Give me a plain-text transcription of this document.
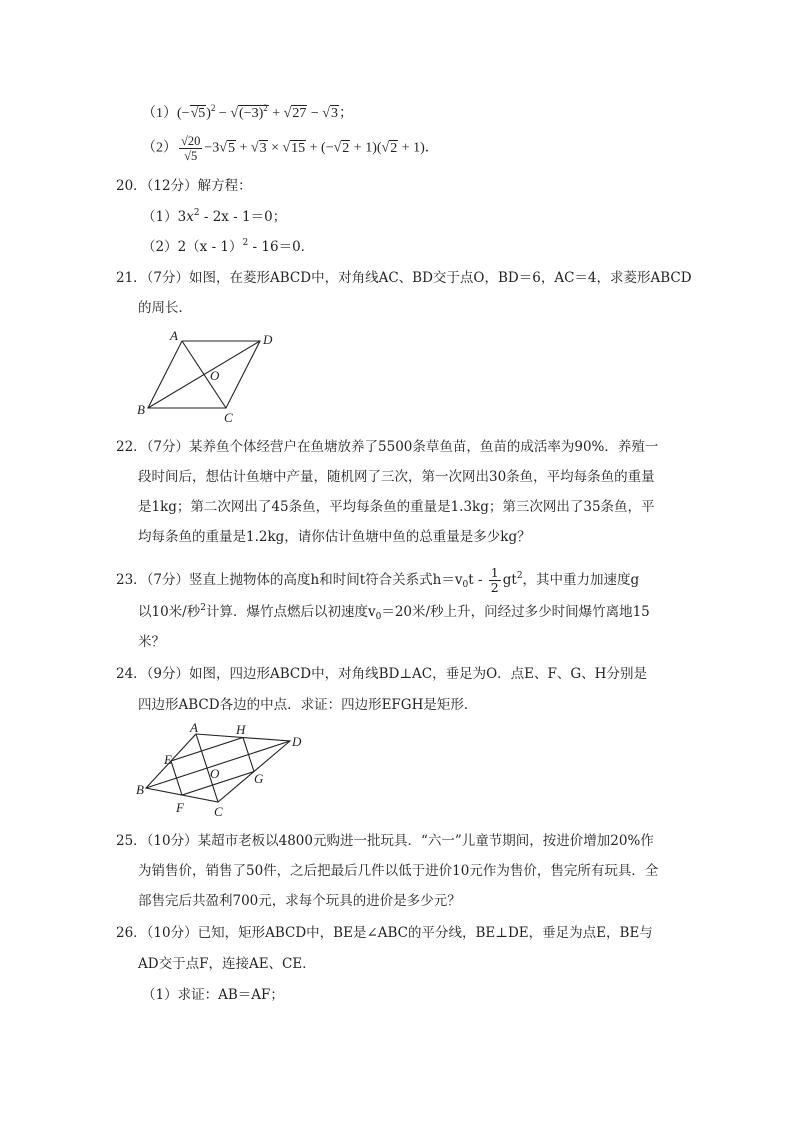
$(1)(-√5)^2 - √(-3)^2 + √27 - √3$；
$(2) \frac{√20}{√5} -3√5 + √3 \times √15 + (-√2 + 1)(√2 + 1)$．
20．（12分）解方程：
$(1)3x^2 - 2x - 1=0$；
（2）2（x - 1）$^2$ - 16＝0．
21．（7分）如图，在菱形ABCD中，对角线AC、BD交于点O，BD＝6，AC＝4，求菱形ABCD
的周长．
A	D
O
B
C
22．（7分）某养鱼个体经营户在鱼塘放养了5500条草鱼苗，鱼苗的成活率为90%．养殖一
段时间后，想估计鱼塘中产量，随机网了三次，第一次网出30条鱼，平均每条鱼的重量
是1kg；第二次网出了45条鱼，平均每条鱼的重量是1.3kg；第三次网出了35条鱼，平
均每条鱼的重量是1.2kg，请你估计鱼塘中鱼的总重量是多少kg？
23．（7分）竖直上抛物体的高度h和时间t符合关系式$h=v_0t - \frac{1}{2} gt^2$，其中重力加速度g
以10米/秒$^2$计算．爆竹点燃后以初速度$v_0=20$米/秒上升，问经过多少时间爆竹离地15
米？
24．（9分）如图，四边形ABCD中，对角线BD⊥AC，垂足为O．点E、F、G、H分别是
四边形ABCD各边的中点．求证：四边形EFGH是矩形．
A	H
D
E
O	G
B
F C
25．（10分）某超市老板以4800元购进一批玩具．“六一”儿童节期间，按进价增加20%作
为销售价，销售了50件，之后把最后几件以低于进价10元作为售价，售完所有玩具．全
部售完后共盈利700元，求每个玩具的进价是多少元？
26．（10分）已知，矩形ABCD中，BE是∠ABC的平分线，BE⊥DE，垂足为点E，BE与
AD交于点F，连接AE、CE．
（1）求证：AB＝AF；
